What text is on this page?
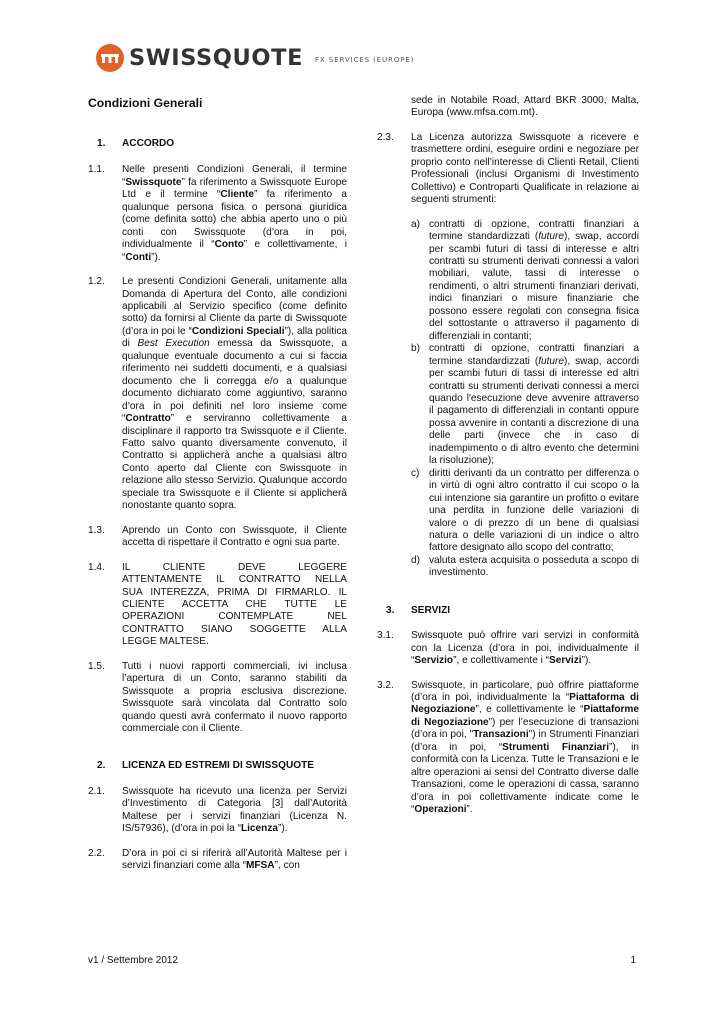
SWISSQUOTE FX SERVICES (EUROPE)
Condizioni Generali
1.	ACCORDO
1.1.	Nelle presenti Condizioni Generali, il termine “Swissquote” fa riferimento a Swissquote Europe Ltd e il termine “Cliente” fa riferimento a qualunque persona fisica o persona giuridica (come definita sotto) che abbia aperto uno o più conti con Swissquote (d’ora in poi, individualmente il “Conto” e collettivamente, i “Conti”).
1.2.	Le presenti Condizioni Generali, unitamente alla Domanda di Apertura del Conto, alle condizioni applicabili al Servizio specifico (come definito sotto) da fornirsi al Cliente da parte di Swissquote (d’ora in poi le “Condizioni Speciali”), alla politica di Best Execution emessa da Swissquote, a qualunque eventuale documento a cui si faccia riferimento nei suddetti documenti, e a qualsiasi documento che li corregga e/o a qualunque documento dichiarato come aggiuntivo, saranno d’ora in poi definiti nel loro insieme come “Contratto” e serviranno collettivamente a disciplinare il rapporto tra Swissquote e il Cliente. Fatto salvo quanto diversamente convenuto, il Contratto si applicherà anche a qualsiasi altro Conto aperto dal Cliente con Swissquote in relazione allo stesso Servizio. Qualunque accordo speciale tra Swissquote e il Cliente si applicherà nonostante quanto sopra.
1.3.	Aprendo un Conto con Swissquote, il Cliente accetta di rispettare il Contratto e ogni sua parte.
1.4.	IL CLIENTE DEVE LEGGERE
ATTENTAMENTE IL CONTRATTO NELLA
SUA INTEREZZA, PRIMA DI FIRMARLO. IL
CLIENTE ACCETTA CHE TUTTE LE
OPERAZIONI CONTEMPLATE NEL
CONTRATTO SIANO SOGGETTE ALLA
LEGGE MALTESE.
1.5.	Tutti i nuovi rapporti commerciali, ivi inclusa l’apertura di un Conto, saranno stabiliti da Swissquote a propria esclusiva discrezione. Swissquote sarà vincolata dal Contratto solo quando questi avrà confermato il nuovo rapporto commerciale con il Cliente.
2.	LICENZA ED ESTREMI DI SWISSQUOTE
2.1.	Swissquote ha ricevuto una licenza per Servizi d’Investimento di Categoria [3] dall’Autorità Maltese per i servizi finanziari (Licenza N. IS/57936), (d’ora in poi la “Licenza”).
2.2.	D’ora in poi ci si riferirà all’Autorità Maltese per i servizi finanziari come alla “MFSA”, con
sede in Notabile Road, Attard BKR 3000, Malta, Europa (www.mfsa.com.mt).
2.3.	La Licenza autorizza Swissquote a ricevere e trasmettere ordini, eseguire ordini e negoziare per proprio conto nell’interesse di Clienti Retail, Clienti Professionali (inclusi Organismi di Investimento Collettivo) e Controparti Qualificate in relazione ai seguenti strumenti:
a) contratti di opzione, contratti finanziari a termine standardizzati (future), swap, accordi per scambi futuri di tassi di interesse e altri contratti su strumenti derivati connessi a valori mobiliari, valute, tassi di interesse o rendimenti, o altri strumenti finanziari derivati, indici finanziari o misure finanziarie che possono essere regolati con consegna fisica del sottostante o attraverso il pagamento di differenziali in contanti;
b) contratti di opzione, contratti finanziari a termine standardizzati (future), swap, accordi per scambi futuri di tassi di interesse ed altri contratti su strumenti derivati connessi a merci quando l'esecuzione deve avvenire attraverso il pagamento di differenziali in contanti oppure possa avvenire in contanti a discrezione di una delle parti (invece che in caso di inadempimento o di altro evento che determini la risoluzione);
c) diritti derivanti da un contratto per differenza o in virtù di ogni altro contratto il cui scopo o la cui intenzione sia garantire un profitto o evitare una perdita in funzione delle variazioni di valore o di prezzo di un bene di qualsiasi natura o delle variazioni di un indice o altro fattore designato allo scopo del contratto;
d) valuta estera acquisita o posseduta a scopo di investimento.
3.	SERVIZI
3.1.	Swissquote può offrire vari servizi in conformità con la Licenza (d’ora in poi, individualmente il “Servizio”, e collettivamente i “Servizi”).
3.2.	Swissquote, in particolare, può offrire piattaforme (d’ora in poi, individualmente la “Piattaforma di Negoziazione”, e collettivamente le “Piattaforme di Negoziazione”) per l’esecuzione di transazioni (d’ora in poi, "Transazioni") in Strumenti Finanziari (d’ora in poi, “Strumenti Finanziari”), in conformità con la Licenza. Tutte le Transazioni e le altre operazioni ai sensi del Contratto diverse dalle Transazioni, come le operazioni di cassa, saranno d’ora in poi collettivamente indicate come le “Operazioni”.
v1 / Settembre 2012	1
